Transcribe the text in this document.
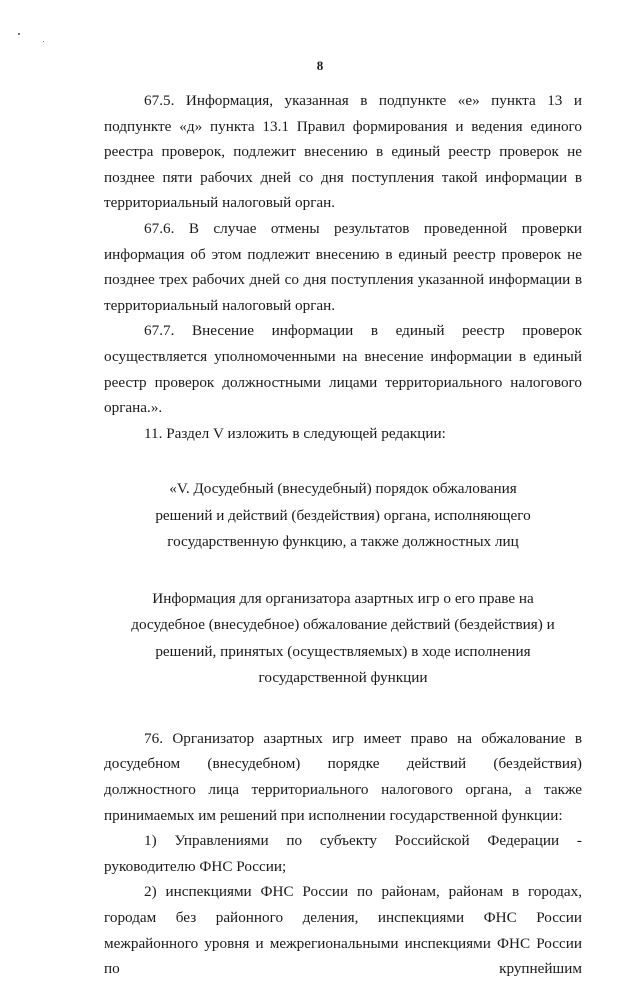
8

67.5. Информация, указанная в подпункте «е» пункта 13 и подпункте «д» пункта 13.1 Правил формирования и ведения единого реестра проверок, подлежит внесению в единый реестр проверок не позднее пяти рабочих дней со дня поступления такой информации в территориальный налоговый орган.

67.6. В случае отмены результатов проведенной проверки информация об этом подлежит внесению в единый реестр проверок не позднее трех рабочих дней со дня поступления указанной информации в территориальный налоговый орган.

67.7. Внесение информации в единый реестр проверок осуществляется уполномоченными на внесение информации в единый реестр проверок должностными лицами территориального налогового органа.».

11. Раздел V изложить в следующей редакции:

«V. Досудебный (внесудебный) порядок обжалования решений и действий (бездействия) органа, исполняющего государственную функцию, а также должностных лиц

Информация для организатора азартных игр о его праве на досудебное (внесудебное) обжалование действий (бездействия) и решений, принятых (осуществляемых) в ходе исполнения государственной функции

76. Организатор азартных игр имеет право на обжалование в досудебном (внесудебном) порядке действий (бездействия) должностного лица территориального налогового органа, а также принимаемых им решений при исполнении государственной функции:

1) Управлениями по субъекту Российской Федерации - руководителю ФНС России;

2) инспекциями ФНС России по районам, районам в городах, городам без районного деления, инспекциями ФНС России межрайонного уровня и межрегиональными инспекциями ФНС России по крупнейшим
